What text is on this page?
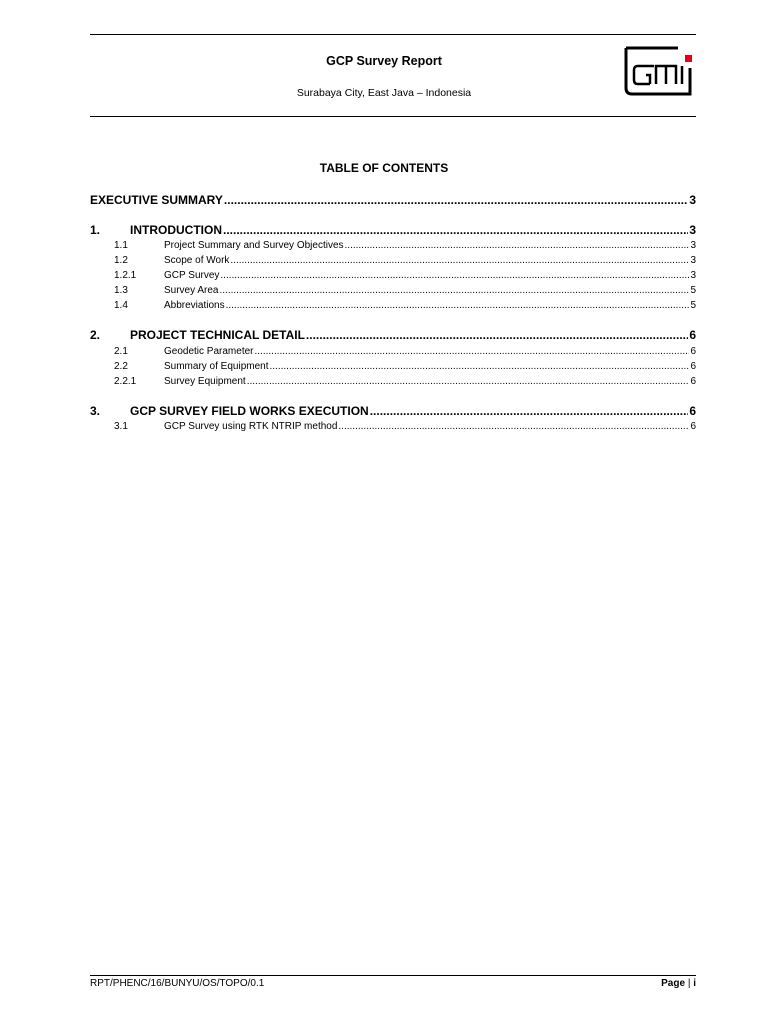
GCP Survey Report
Surabaya City, East Java – Indonesia
TABLE OF CONTENTS
EXECUTIVE SUMMARY .....	3
1.	INTRODUCTION .....	3
1.1	Project Summary and Survey Objectives .....	3
1.2	Scope of Work .....	3
1.2.1	GCP Survey .....	3
1.3	Survey Area .....	5
1.4	Abbreviations .....	5
2.	PROJECT TECHNICAL DETAIL .....	6
2.1	Geodetic Parameter .....	6
2.2	Summary of Equipment .....	6
2.2.1	Survey Equipment .....	6
3.	GCP SURVEY FIELD WORKS EXECUTION .....	6
3.1	GCP Survey using RTK NTRIP method .....	6
RPT/PHENC/16/BUNYU/OS/TOPO/0.1	Page | i
